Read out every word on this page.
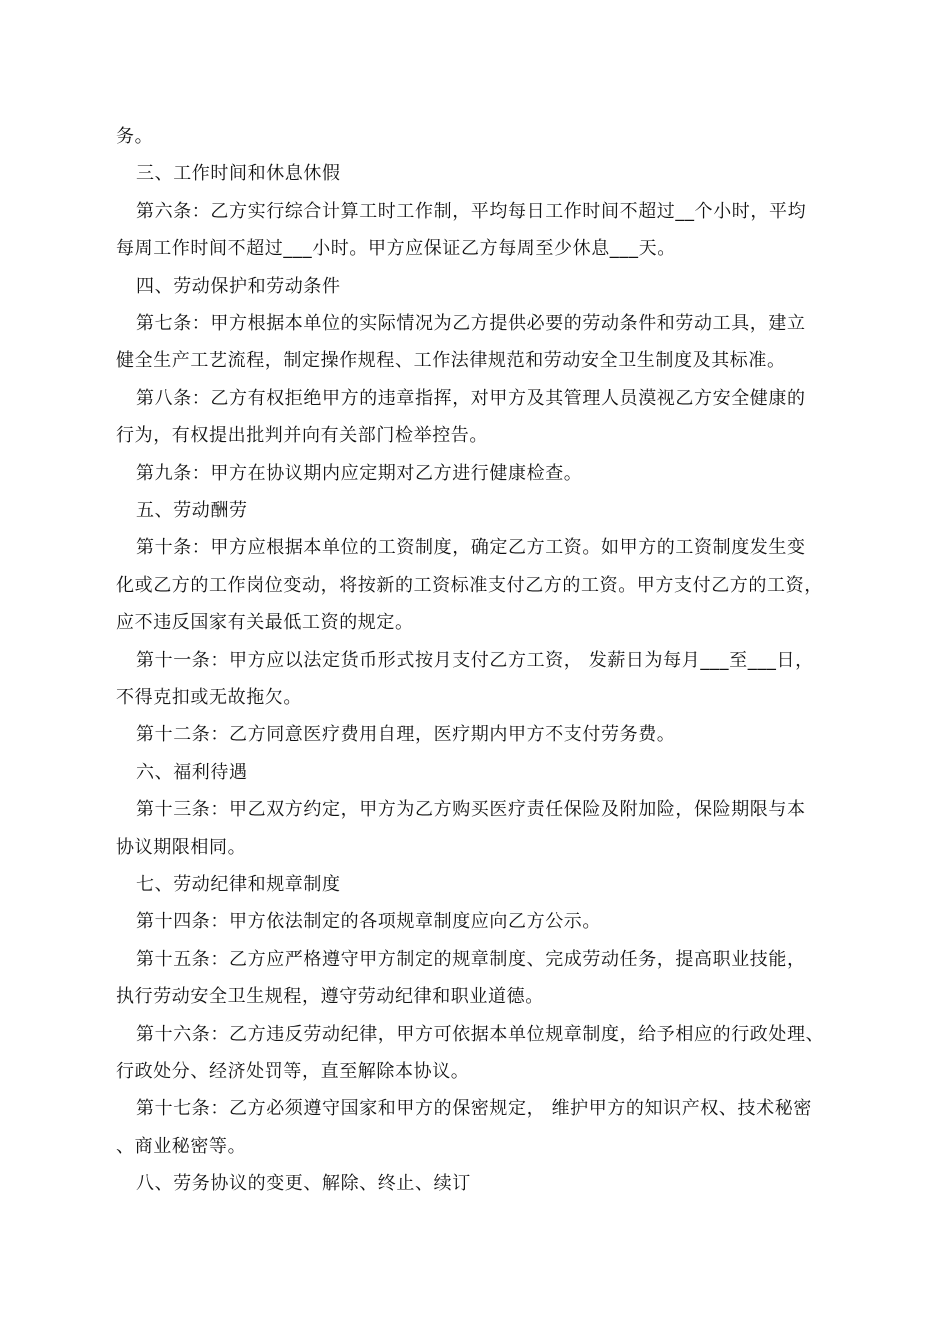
务。
三、工作时间和休息休假
第六条：乙方实行综合计算工时工作制，平均每日工作时间不超过__个小时，平均
每周工作时间不超过___小时。甲方应保证乙方每周至少休息___天。
四、劳动保护和劳动条件
第七条：甲方根据本单位的实际情况为乙方提供必要的劳动条件和劳动工具，建立
健全生产工艺流程，制定操作规程、工作法律规范和劳动安全卫生制度及其标准。
第八条：乙方有权拒绝甲方的违章指挥，对甲方及其管理人员漠视乙方安全健康的
行为，有权提出批判并向有关部门检举控告。
第九条：甲方在协议期内应定期对乙方进行健康检查。
五、劳动酬劳
第十条：甲方应根据本单位的工资制度，确定乙方工资。如甲方的工资制度发生变
化或乙方的工作岗位变动，将按新的工资标准支付乙方的工资。甲方支付乙方的工资，
应不违反国家有关最低工资的规定。
第十一条：甲方应以法定货币形式按月支付乙方工资， 发薪日为每月___至___日，
不得克扣或无故拖欠。
第十二条：乙方同意医疗费用自理，医疗期内甲方不支付劳务费。
六、福利待遇
第十三条：甲乙双方约定，甲方为乙方购买医疗责任保险及附加险，保险期限与本
协议期限相同。
七、劳动纪律和规章制度
第十四条：甲方依法制定的各项规章制度应向乙方公示。
第十五条：乙方应严格遵守甲方制定的规章制度、完成劳动任务，提高职业技能，
执行劳动安全卫生规程，遵守劳动纪律和职业道德。
第十六条：乙方违反劳动纪律，甲方可依据本单位规章制度，给予相应的行政处理、
行政处分、经济处罚等，直至解除本协议。
第十七条：乙方必须遵守国家和甲方的保密规定， 维护甲方的知识产权、技术秘密
、商业秘密等。
八、劳务协议的变更、解除、终止、续订
